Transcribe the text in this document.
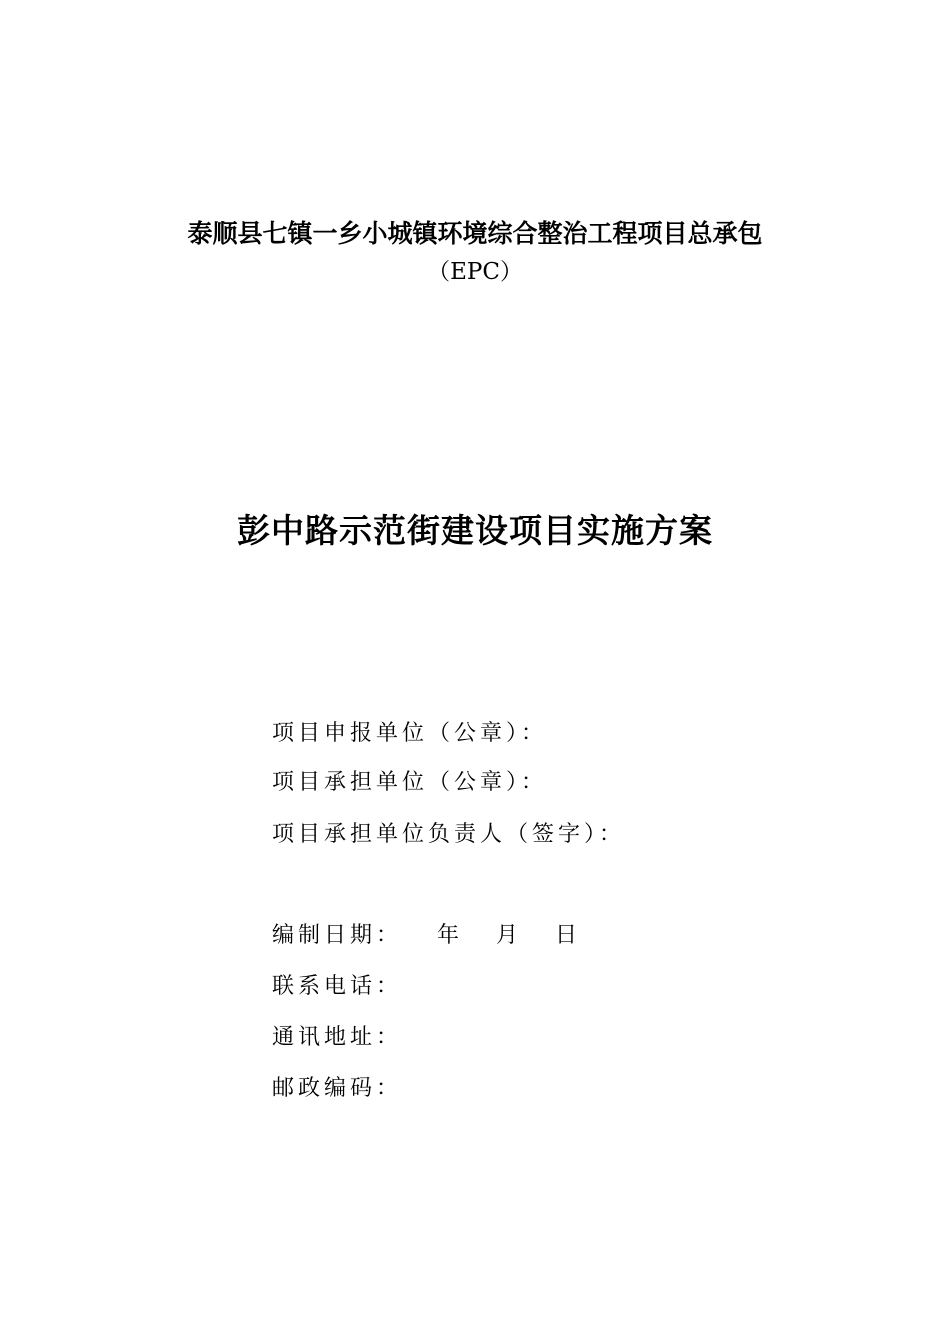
泰顺县七镇一乡小城镇环境综合整治工程项目总承包
（EPC）
彭中路示范街建设项目实施方案
项目申报单位（公章）：
项目承担单位（公章）：
项目承担单位负责人（签字）：
编制日期： 年 月 日
联系电话：
通讯地址：
邮政编码：
